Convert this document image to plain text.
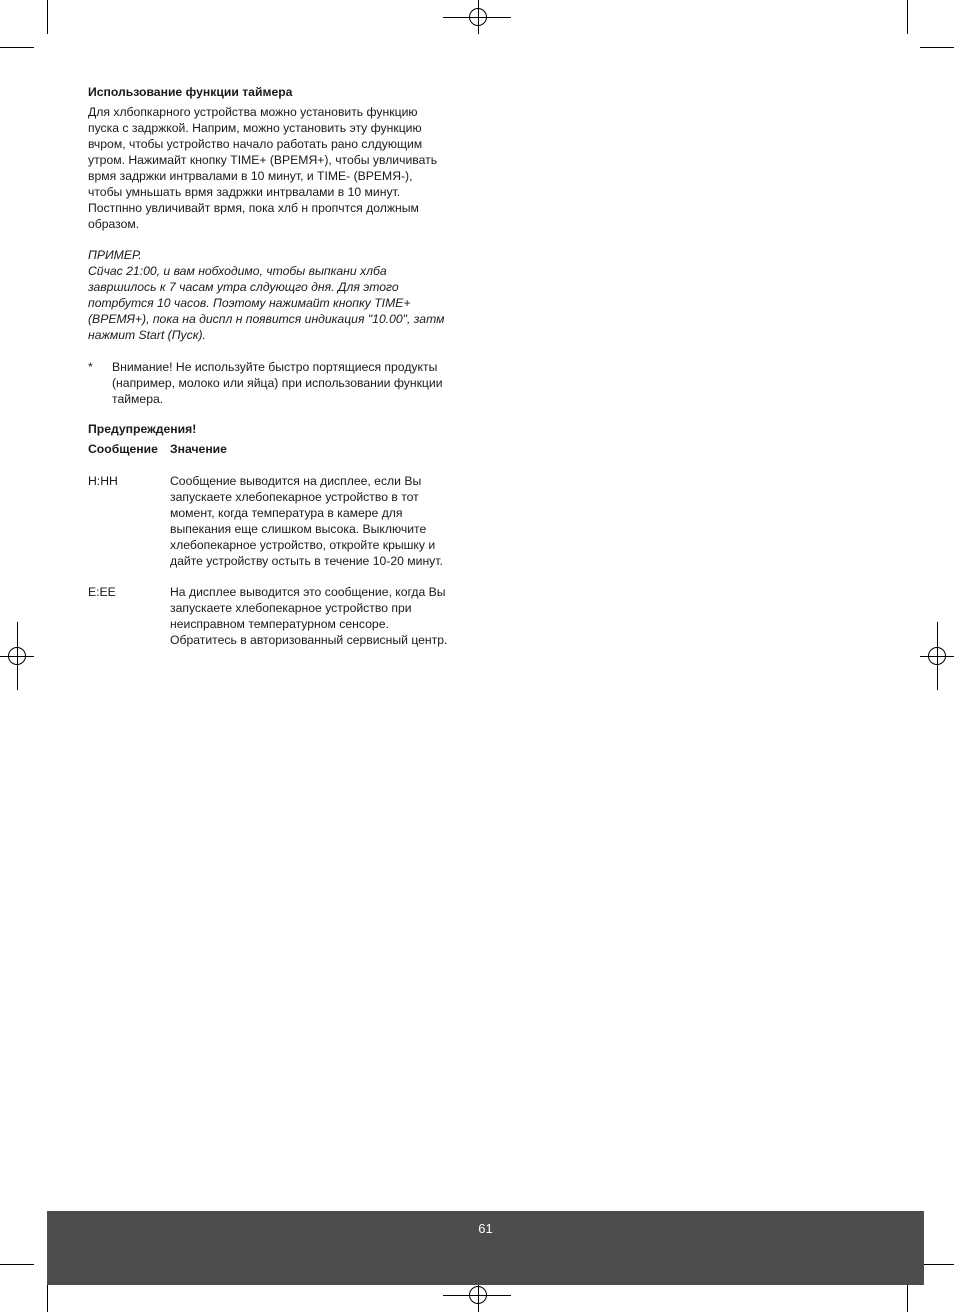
Использование функции таймера

Для хлбопкарного устройства можно установить функцию
пуска с задржкой. Наприм, можно установить эту функцию
вчром, чтобы устройство начало работать рано слдующим
утром. Нажимайт кнопку TIME+ (ВРЕМЯ+), чтобы увличивать
врмя задржки интрвалами в 10 минут, и TIME- (ВРЕМЯ-),
чтобы умньшать врмя задржки интрвалами в 10 минут.
Постпнно увличивайт врмя, пока хлб н пропчтся должным
образом.

ПРИМЕР.

Сйчас 21:00, и вам нобходимо, чтобы выпкани хлба
завршилось к 7 часам утра слдующго дня. Для этого
потрбутся 10 часов. Поэтому нажимайт кнопку TIME+
(ВРЕМЯ+), пока на диспл н появится индикация "10.00", затм
нажмит Start (Пуск).

*	Внимание! Не используйте быстро портящиеся продукты
(например, молоко или яйца) при использовании функции
таймера.
Предупреждения!
Сообщение Значение
H:HH	Сообщение выводится на дисплее, если Вы
запускаете хлебопекарное устройство в тот
момент, когда температура в камере для
выпекания еще слишком высока. Выключите
хлебопекарное устройство, откройте крышку и
дайте устройству остыть в течение 10-20 минут.
E:EE	На дисплее выводится это сообщение, когда Вы
запускаете хлебопекарное устройство при
неисправном температурном сенсоре.
Обратитесь в авторизованный сервисный центр.
61
